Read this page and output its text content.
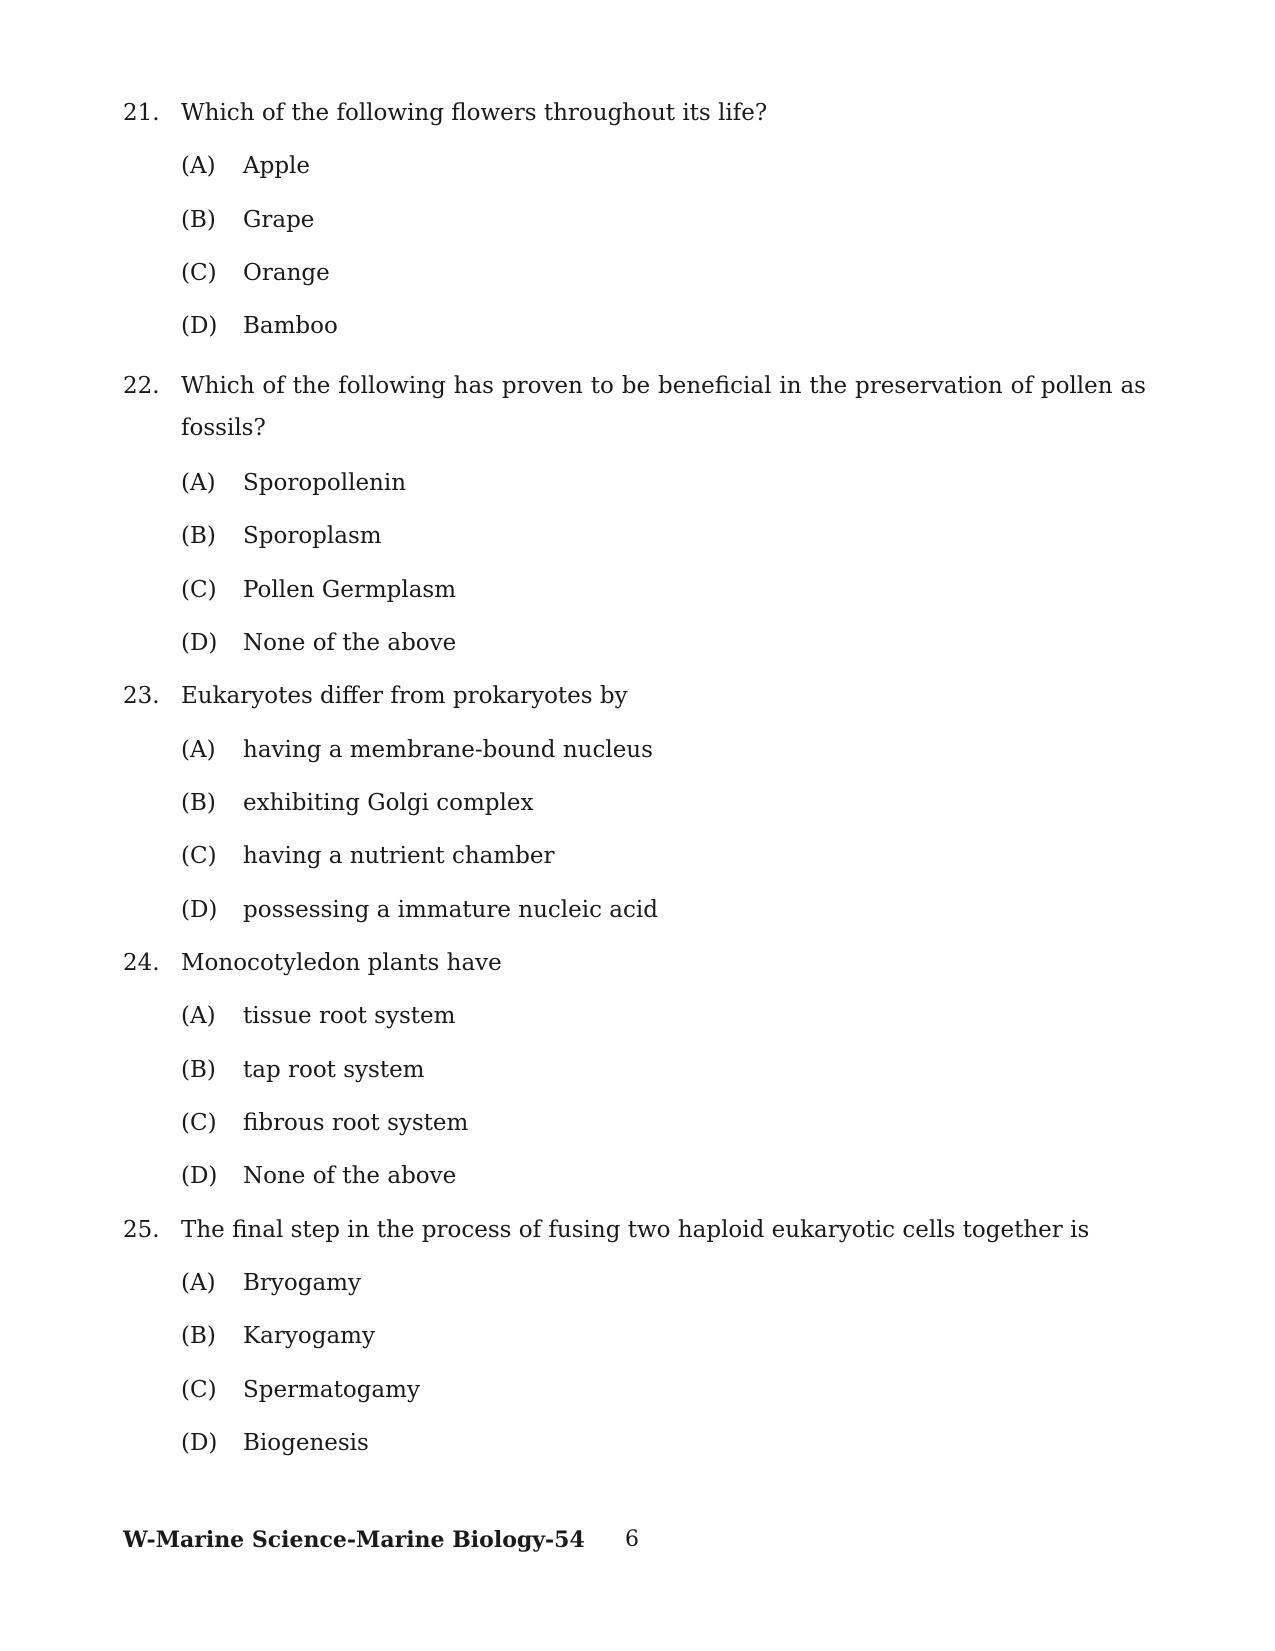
21. Which of the following flowers throughout its life?
(A) Apple
(B) Grape
(C) Orange
(D) Bamboo
22. Which of the following has proven to be beneficial in the preservation of pollen as fossils?
(A) Sporopollenin
(B) Sporoplasm
(C) Pollen Germplasm
(D) None of the above
23. Eukaryotes differ from prokaryotes by
(A) having a membrane-bound nucleus
(B) exhibiting Golgi complex
(C) having a nutrient chamber
(D) possessing a immature nucleic acid
24. Monocotyledon plants have
(A) tissue root system
(B) tap root system
(C) fibrous root system
(D) None of the above
25. The final step in the process of fusing two haploid eukaryotic cells together is
(A) Bryogamy
(B) Karyogamy
(C) Spermatogamy
(D) Biogenesis
W-Marine Science-Marine Biology-54 6
